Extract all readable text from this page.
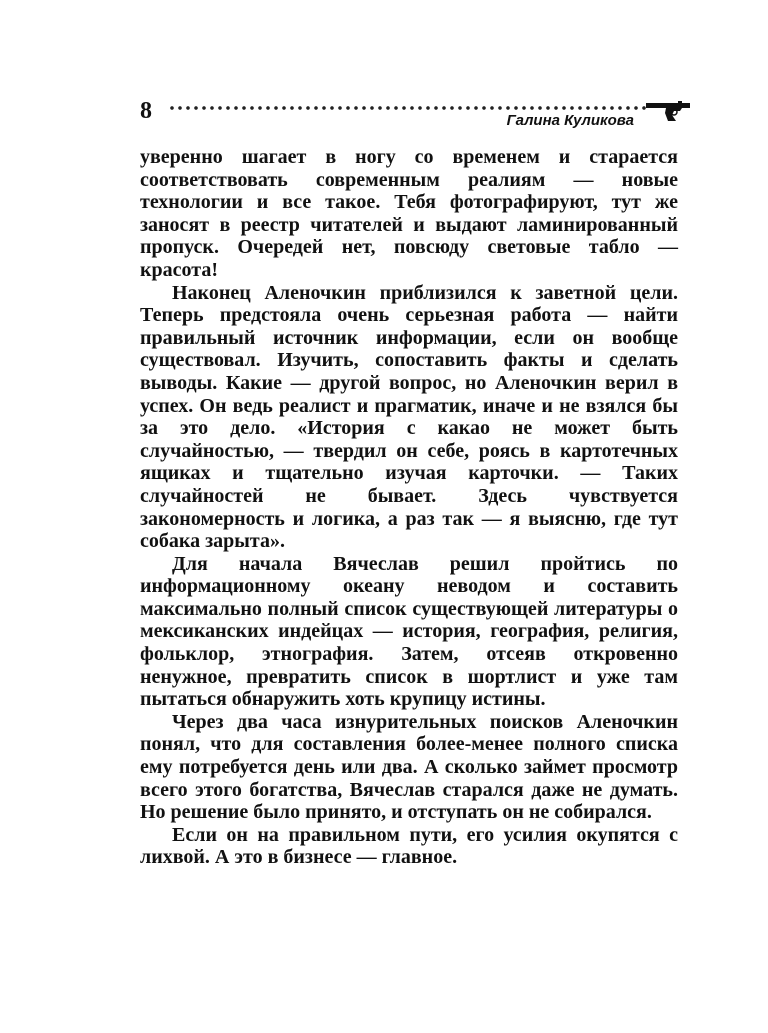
8	Галина Куликова

уверенно шагает в ногу со временем и старается соответствовать современным реалиям — новые технологии и все такое. Тебя фотографируют, тут же заносят в реестр читателей и выдают ламинированный пропуск. Очередей нет, повсюду световые табло — красота!

Наконец Аленочкин приблизился к заветной цели. Теперь предстояла очень серьезная работа — найти правильный источник информации, если он вообще существовал. Изучить, сопоставить факты и сделать выводы. Какие — другой вопрос, но Аленочкин верил в успех. Он ведь реалист и прагматик, иначе и не взялся бы за это дело. «История с какао не может быть случайностью, — твердил он себе, роясь в картотечных ящиках и тщательно изучая карточки. — Таких случайностей не бывает. Здесь чувствуется закономерность и логика, а раз так — я выясню, где тут собака зарыта».

Для начала Вячеслав решил пройтись по информационному океану неводом и составить максимально полный список существующей литературы о мексиканских индейцах — история, география, религия, фольклор, этнография. Затем, отсеяв откровенно ненужное, превратить список в шортлист и уже там пытаться обнаружить хоть крупицу истины.

Через два часа изнурительных поисков Аленочкин понял, что для составления более-менее полного списка ему потребуется день или два. А сколько займет просмотр всего этого богатства, Вячеслав старался даже не думать. Но решение было принято, и отступать он не собирался.

Если он на правильном пути, его усилия окупятся с лихвой. А это в бизнесе — главное.
